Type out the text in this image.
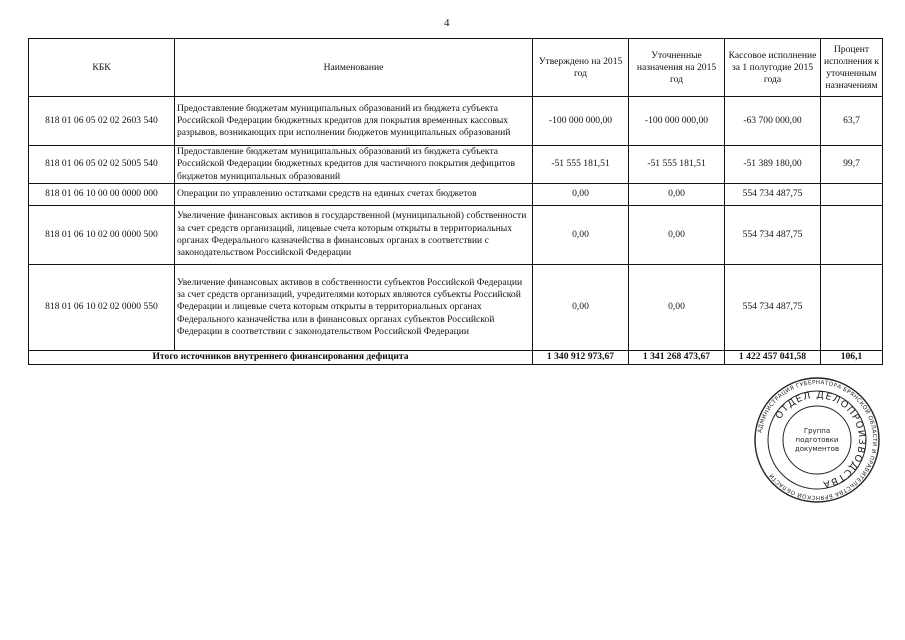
4
КБК	Наименование	Утверждено на 2015 год	Уточненные назначения на 2015 год	Кассовое исполнение за 1 полугодие 2015 года	Процент исполнения к уточненным назначениям
818 01 06 05 02 02 2603 540	Предоставление бюджетам муниципальных образований из бюджета субъекта Российской Федерации бюджетных кредитов для покрытия временных кассовых разрывов, возникающих при исполнении бюджетов муниципальных образований	-100 000 000,00	-100 000 000,00	-63 700 000,00	63,7
818 01 06 05 02 02 5005 540	Предоставление бюджетам муниципальных образований из бюджета субъекта Российской Федерации бюджетных кредитов для частичного покрытия дефицитов бюджетов муниципальных образований	-51 555 181,51	-51 555 181,51	-51 389 180,00	99,7
818 01 06 10 00 00 0000 000	Операции по управлению остатками средств на единых счетах бюджетов	0,00	0,00	554 734 487,75	
818 01 06 10 02 00 0000 500	Увеличение финансовых активов в государственной (муниципальной) собственности за счет средств организаций, лицевые счета которым открыты в территориальных органах Федерального казначейства в финансовых органах в соответствии с законодательством Российской Федерации	0,00	0,00	554 734 487,75	
818 01 06 10 02 02 0000 550	Увеличение финансовых активов в собственности субъектов Российской Федерации за счет средств организаций, учредителями которых являются субъекты Российской Федерации и лицевые счета которым открыты в территориальных органах Федерального казначейства или в финансовых органах субъектов Российской Федерации в соответствии с законодательством Российской Федерации	0,00	0,00	554 734 487,75	
Итого источников внутреннего финансирования дефицита		1 340 912 973,67	1 341 268 473,67	1 422 457 041,58	106,1
АДМИНИСТРАЦИЯ ГУБЕРНАТОРА БРЯНСКОЙ ОБЛАСТИ И ПРАВИТЕЛЬСТВА БРЯНСКОЙ ОБЛАСТИ
ОТДЕЛ ДЕЛОПРОИЗВОДСТВА
Группа
подготовки
документов
